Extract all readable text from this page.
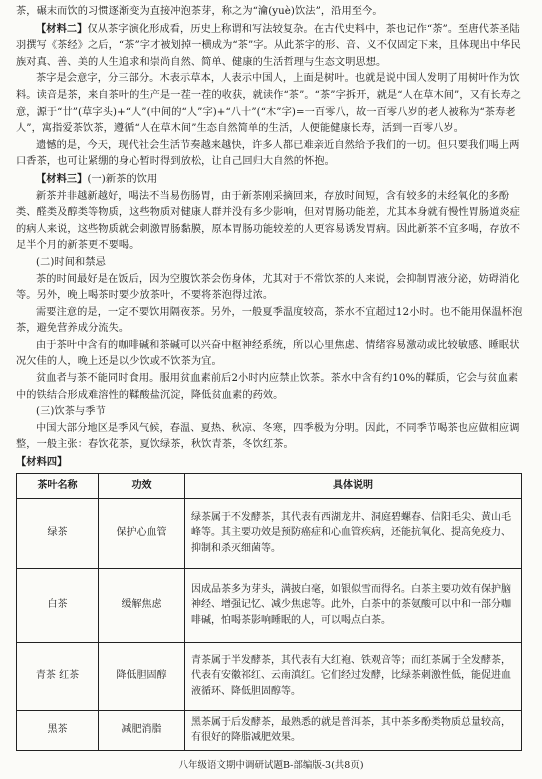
茶，碾末而饮的习惯逐渐变为直接冲泡茶芽，称之为“瀹(yuè)饮法”，沿用至今。

【材料二】仅从茶字演化形成看，历史上称谓和写法较复杂。在古代史料中，茶也记作“荼”。至唐代茶圣陆羽撰写《茶经》之后，“茶”字才被划掉一横成为“茶”字。从此茶字的形、音、义不仅固定下来，且体现出中华民族对真、善、美的人生追求和崇尚自然、简单、健康的生活哲理与生态文明思想。

茶字是会意字，分三部分。木表示草本，人表示中国人，上面是树叶。也就是说中国人发明了用树叶作为饮料。读音是茶，来自茶叶的生产是一茬一茬的收获，就读作“茶”。“茶”字拆开，就是“人在草木间”，又有长寿之意，源于“廿”(草字头)+“人”(中间的“人”字)+“八十”(“木”字)=一百零八，故一百零八岁的老人被称为“茶寿老人”，寓指爱茶饮茶，遵循“人在草木间”生态自然简单的生活，人便能健康长寿，活到一百零八岁。

遗憾的是，今天，现代社会生活节奏越来越快，许多人都已难亲近自然给予我们的一切。但只要我们喝上两口香茶，也可让紧绷的身心暂时得到放松，让自己回归大自然的怀抱。

【材料三】(一)新茶的饮用

新茶并非越新越好，喝法不当易伤肠胃，由于新茶刚采摘回来，存放时间短，含有较多的未经氧化的多酚类、醛类及醇类等物质，这些物质对健康人群并没有多少影响，但对胃肠功能差，尤其本身就有慢性胃肠道炎症的病人来说，这些物质就会刺激胃肠黏膜，原本胃肠功能较差的人更容易诱发胃病。因此新茶不宜多喝，存放不足半个月的新茶更不要喝。

(二)时间和禁忌

茶的时间最好是在饭后，因为空腹饮茶会伤身体，尤其对于不常饮茶的人来说，会抑制胃液分泌，妨碍消化等。另外，晚上喝茶时要少放茶叶，不要将茶泡得过浓。

需要注意的是，一定不要饮用隔夜茶。另外，一般夏季温度较高，茶水不宜超过12小时。也不能用保温杯泡茶，避免营养成分流失。

由于茶叶中含有的咖啡碱和茶碱可以兴奋中枢神经系统，所以心里焦虑、情绪容易激动或比较敏感、睡眠状况欠佳的人，晚上还是以少饮或不饮茶为宜。

贫血者与茶不能同时食用。服用贫血素前后2小时内应禁止饮茶。茶水中含有约10%的鞣质，它会与贫血素中的铁结合形成难溶性的鞣酸盐沉淀，降低贫血素的药效。

(三)饮茶与季节

中国大部分地区是季风气候，春温、夏热、秋凉、冬寒，四季极为分明。因此，不同季节喝茶也应做相应调整，一般主张：春饮花茶，夏饮绿茶，秋饮青茶，冬饮红茶。

【材料四】

茶叶名称	功效	具体说明
绿茶	保护心血管	绿茶属于不发酵茶，其代表有西湖龙井、洞庭碧螺春、信阳毛尖、黄山毛峰等。其主要功效是预防癌症和心血管疾病，还能抗氧化、提高免疫力、抑制和杀灭细菌等。
白茶	缓解焦虑	因成品茶多为芽头，满披白毫，如银似雪而得名。白茶主要功效有保护脑神经、增强记忆、减少焦虑等。此外，白茶中的茶氨酸可以中和一部分咖啡碱，怕喝茶影响睡眠的人，可以喝点白茶。
青茶 红茶	降低胆固醇	青茶属于半发酵茶，其代表有大红袍、铁观音等；而红茶属于全发酵茶，代表有安徽祁红、云南滇红。它们经过发酵，比绿茶刺激性低，能促进血液循环、降低胆固醇等。
黑茶	减肥消脂	黑茶属于后发酵茶，最熟悉的就是普洱茶，其中茶多酚类物质总量较高，有很好的降脂减肥效果。
八年级语文期中调研试题B-部编版-3(共8页)
